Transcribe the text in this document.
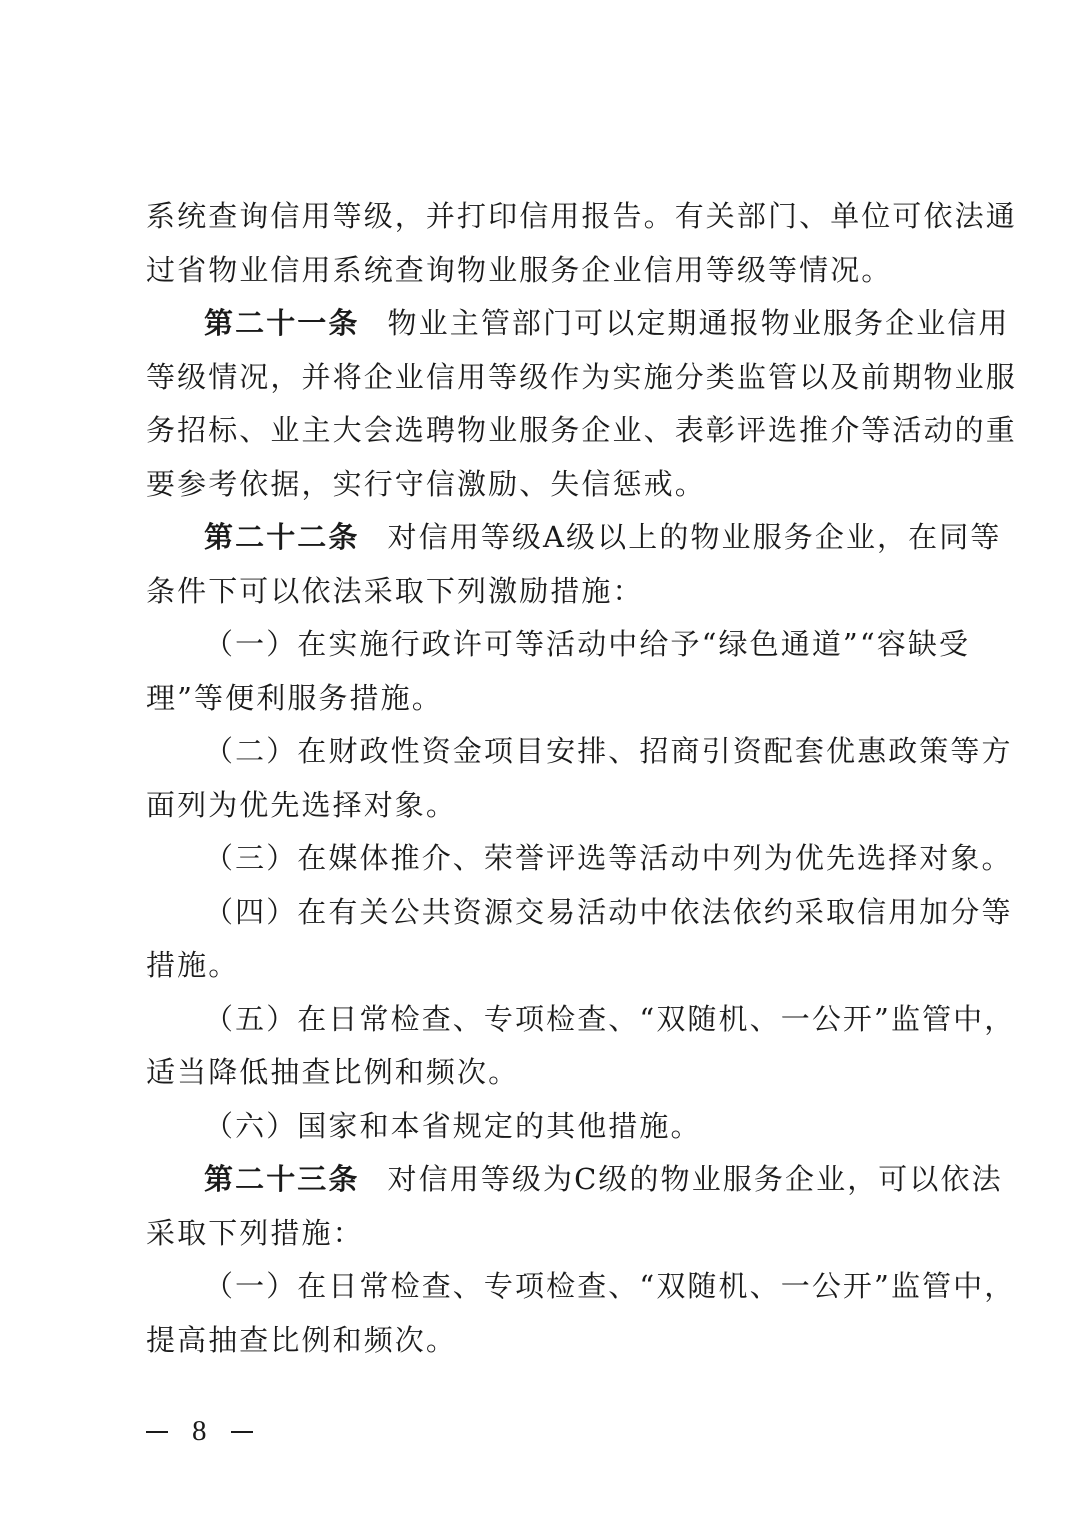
系统查询信用等级，并打印信用报告。有关部门、单位可依法通
过省物业信用系统查询物业服务企业信用等级等情况。
第二十一条 物业主管部门可以定期通报物业服务企业信用
等级情况，并将企业信用等级作为实施分类监管以及前期物业服
务招标、业主大会选聘物业服务企业、表彰评选推介等活动的重
要参考依据，实行守信激励、失信惩戒。
第二十二条 对信用等级A级以上的物业服务企业，在同等
条件下可以依法采取下列激励措施：
（一）在实施行政许可等活动中给予“绿色通道”“容缺受
理”等便利服务措施。
（二）在财政性资金项目安排、招商引资配套优惠政策等方
面列为优先选择对象。
（三）在媒体推介、荣誉评选等活动中列为优先选择对象。
（四）在有关公共资源交易活动中依法依约采取信用加分等
措施。
（五）在日常检查、专项检查、“双随机、一公开”监管中，
适当降低抽查比例和频次。
（六）国家和本省规定的其他措施。
第二十三条 对信用等级为C级的物业服务企业，可以依法
采取下列措施：
（一）在日常检查、专项检查、“双随机、一公开”监管中，
提高抽查比例和频次。
8
